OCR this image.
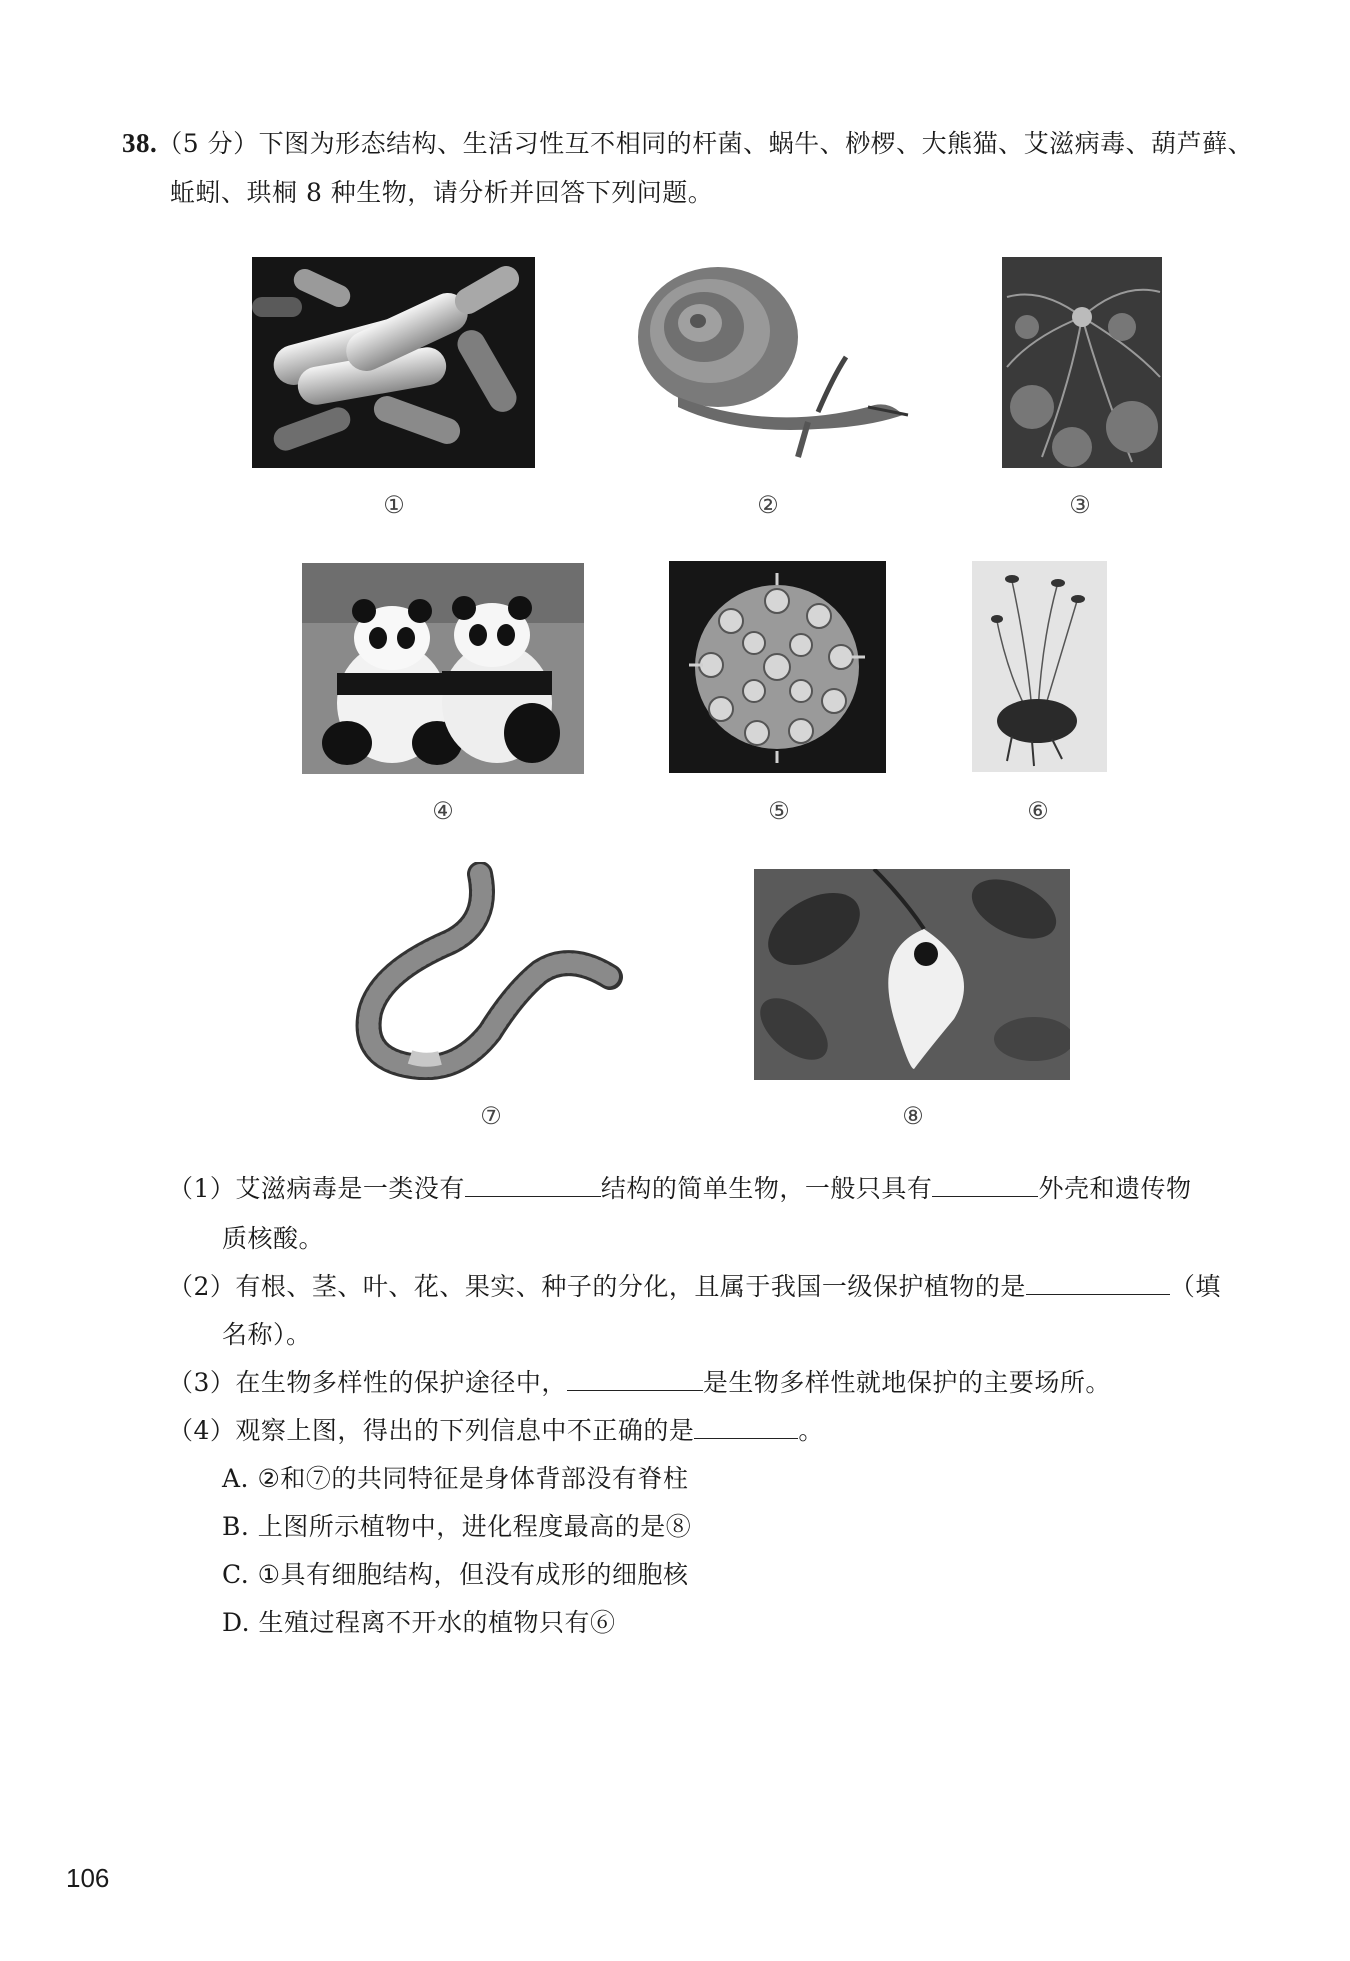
38.（5 分）下图为形态结构、生活习性互不相同的杆菌、蜗牛、桫椤、大熊猫、艾滋病毒、葫芦藓、
蚯蚓、珙桐 8 种生物，请分析并回答下列问题。
①	②	③
④	⑤	⑥
⑦	⑧
（1）艾滋病毒是一类没有	结构的简单生物，一般只具有	外壳和遗传物
质核酸。
（2）有根、茎、叶、花、果实、种子的分化，且属于我国一级保护植物的是	（填
名称）。
（3）在生物多样性的保护途径中，	是生物多样性就地保护的主要场所。
（4）观察上图，得出的下列信息中不正确的是	。
A. ②和⑦的共同特征是身体背部没有脊柱
B. 上图所示植物中，进化程度最高的是⑧
C. ①具有细胞结构，但没有成形的细胞核
D. 生殖过程离不开水的植物只有⑥
106
